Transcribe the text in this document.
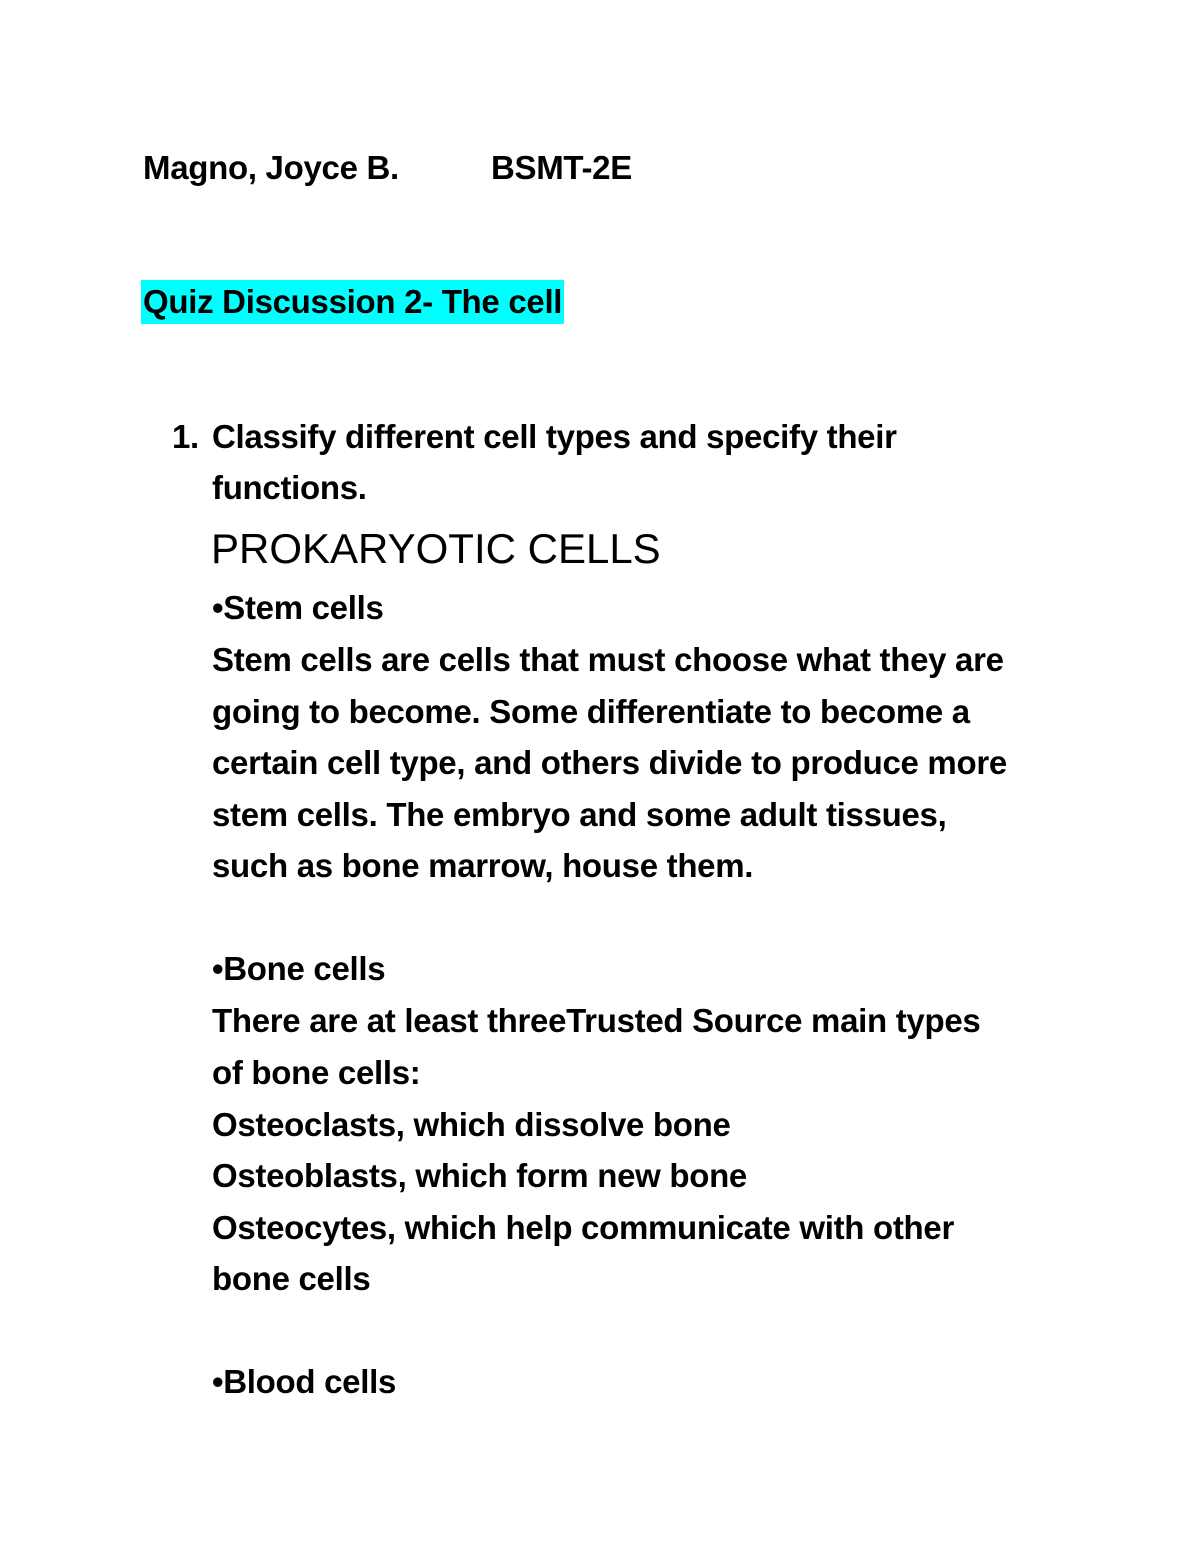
Magno, Joyce B.	BSMT-2E
Quiz Discussion 2- The cell
1. Classify different cell types and specify their
functions.
PROKARYOTIC CELLS
•Stem cells
Stem cells are cells that must choose what they are
going to become. Some differentiate to become a
certain cell type, and others divide to produce more
stem cells. The embryo and some adult tissues,
such as bone marrow, house them.
•Bone cells
There are at least threeTrusted Source main types
of bone cells:
Osteoclasts, which dissolve bone
Osteoblasts, which form new bone
Osteocytes, which help communicate with other
bone cells
•Blood cells
